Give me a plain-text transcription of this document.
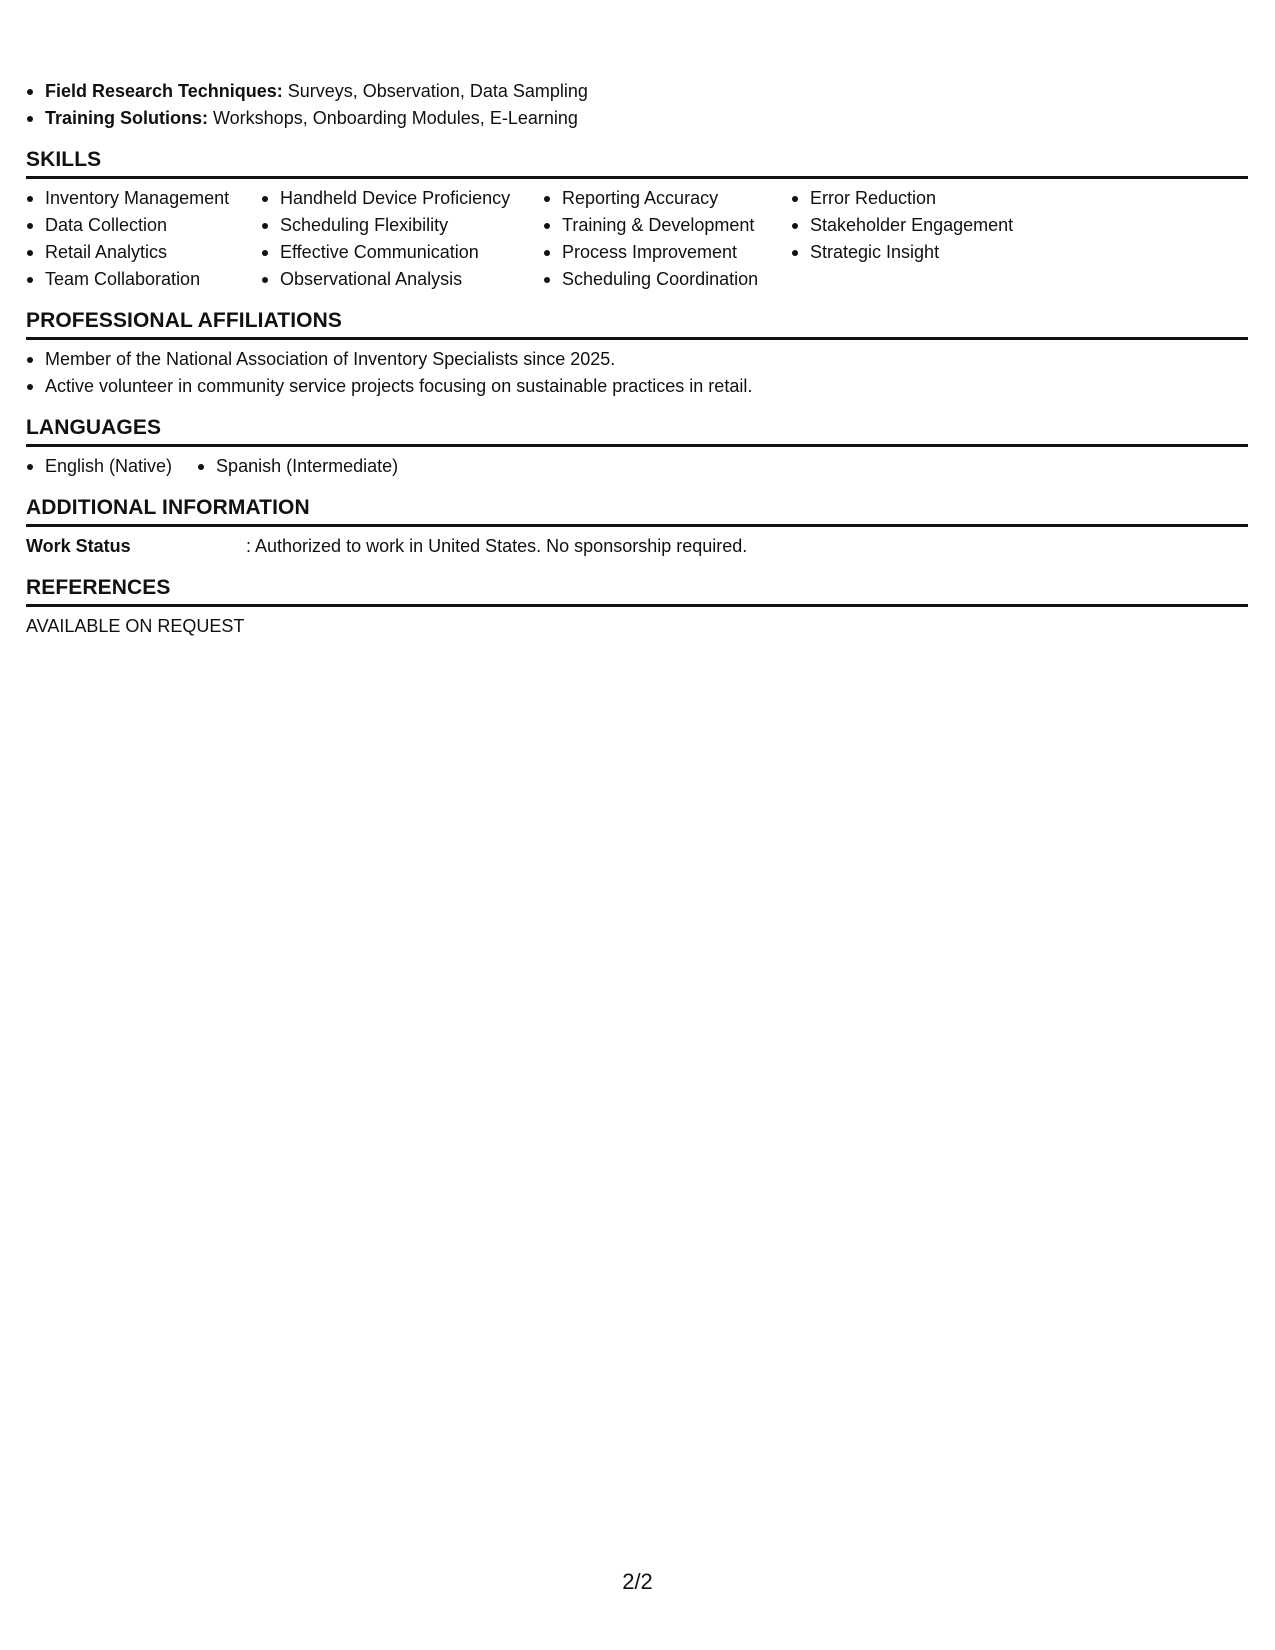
Field Research Techniques: Surveys, Observation, Data Sampling
Training Solutions: Workshops, Onboarding Modules, E-Learning
SKILLS
Inventory Management
Data Collection
Retail Analytics
Team Collaboration
Handheld Device Proficiency
Scheduling Flexibility
Effective Communication
Observational Analysis
Reporting Accuracy
Training & Development
Process Improvement
Scheduling Coordination
Error Reduction
Stakeholder Engagement
Strategic Insight
PROFESSIONAL AFFILIATIONS
Member of the National Association of Inventory Specialists since 2025.
Active volunteer in community service projects focusing on sustainable practices in retail.
LANGUAGES
English (Native)	Spanish (Intermediate)
ADDITIONAL INFORMATION
Work Status	: Authorized to work in United States. No sponsorship required.
REFERENCES
AVAILABLE ON REQUEST
2/2
